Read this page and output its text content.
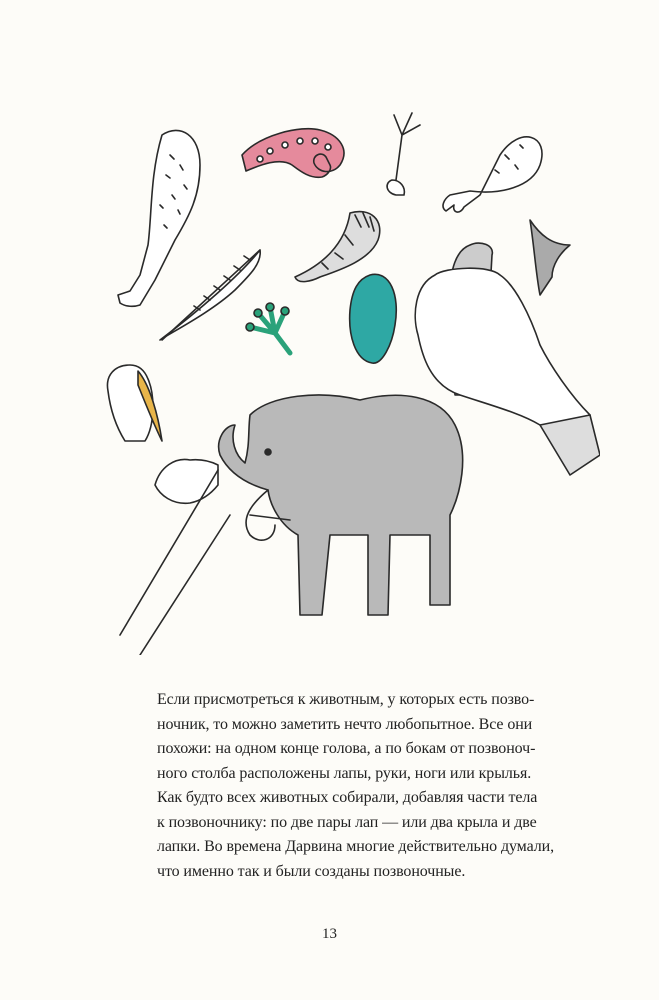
Если присмотреться к животным, у которых есть позво-
ночник, то можно заметить нечто любопытное. Все они
похожи: на одном конце голова, а по бокам от позвоноч-
ного столба расположены лапы, руки, ноги или крылья.
Как будто всех животных собирали, добавляя части тела
к позвоночнику: по две пары лап — или два крыла и две
лапки. Во времена Дарвина многие действительно думали,
что именно так и были созданы позвоночные.
13
